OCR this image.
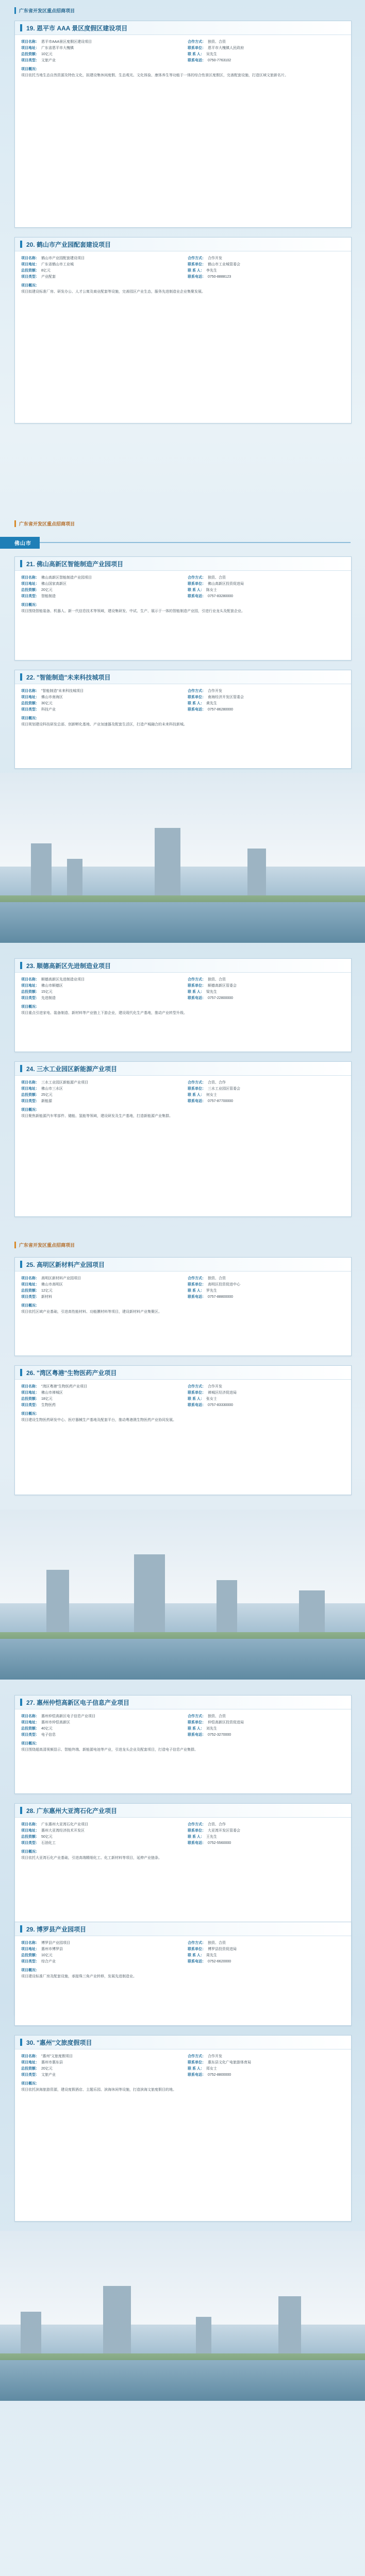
广东省开发区重点招商项目
广东省开发区重点招商项目
广东省开发区重点招商项目
佛山市
19. 恩平市 AAA 景区度假区建设项目
项目名称： 恩平市AAA景区度假区建设项目
项目地址： 广东省恩平市大槐镇
总投资额： 10亿元
项目类型： 文旅产业
合作方式： 独资、合资
联系单位： 恩平市大槐镇人民政府
联 系 人： 吴先生
联系电话： 0750-7763102
项目概况：
项目依托当地生态自然资源及特色文化，拟建设集休闲度假、生态观光、文化体验、康体养生等功能于一体的综合性景区度假区，完善配套设施，打造区域文旅新名片。
20. 鹤山市产业园配套建设项目
项目名称： 鹤山市产业园配套建设项目
项目地址： 广东省鹤山市工业城
总投资额： 8亿元
项目类型： 产业配套
合作方式： 合作开发
联系单位： 鹤山市工业城管委会
联 系 人： 李先生
联系电话： 0750-8888123
项目概况：
项目拟建设标准厂房、研发办公、人才公寓及商业配套等设施，完善园区产业生态，服务先进制造业企业集聚发展。
21. 佛山高新区智能制造产业园项目
项目名称： 佛山高新区智能制造产业园项目
项目地址： 佛山国家高新区
总投资额： 20亿元
项目类型： 智能制造
合作方式： 独资、合资
联系单位： 佛山高新区投资促进局
联 系 人： 陈女士
联系电话： 0757-83280000
项目概况：
项目围绕智能装备、机器人、新一代信息技术等领域，建设集研发、中试、生产、展示于一体的智能制造产业园，引进行业龙头及配套企业。
22. "智能制造"未来科技城项目
项目名称： "智能制造"未来科技城项目
项目地址： 佛山市南海区
总投资额： 30亿元
项目类型： 科技产业
合作方式： 合作开发
联系单位： 南海经济开发区管委会
联 系 人： 黄先生
联系电话： 0757-86280000
项目概况：
项目规划建设科技研发总部、创新孵化基地、产业加速器及配套生活区，打造产城融合的未来科技新城。
23. 顺德高新区先进制造业项目
项目名称： 顺德高新区先进制造业项目
项目地址： 佛山市顺德区
总投资额： 15亿元
项目类型： 先进制造
合作方式： 独资、合资
联系单位： 顺德高新区管委会
联 系 人： 梁先生
联系电话： 0757-22800000
项目概况：
项目重点引进家电、装备制造、新材料等产业链上下游企业，建设现代化生产基地，推动产业转型升级。
24. 三水工业园区新能源产业项目
项目名称： 三水工业园区新能源产业项目
项目地址： 佛山市三水区
总投资额： 25亿元
项目类型： 新能源
合作方式： 合资、合作
联系单位： 三水工业园区管委会
联 系 人： 何女士
联系电话： 0757-87700000
项目概况：
项目聚焦新能源汽车零部件、储能、氢能等领域，建设研发及生产基地，打造新能源产业集群。
25. 高明区新材料产业园项目
项目名称： 高明区新材料产业园项目
项目地址： 佛山市高明区
总投资额： 12亿元
项目类型： 新材料
合作方式： 独资、合资
联系单位： 高明区投资促进中心
联 系 人： 罗先生
联系电话： 0757-88800000
项目概况：
项目依托区域产业基础，引进高性能材料、功能膜材料等项目，建设新材料产业集聚区。
26. "湾区粤港"生物医药产业项目
项目名称： "湾区粤港"生物医药产业项目
项目地址： 佛山市禅城区
总投资额： 18亿元
项目类型： 生物医药
合作方式： 合作开发
联系单位： 禅城区经济促进局
联 系 人： 张女士
联系电话： 0757-83330000
项目概况：
项目建设生物医药研发中心、医疗器械生产基地及配套平台，推动粤港澳生物医药产业协同发展。
27. 惠州仲恺高新区电子信息产业项目
项目名称： 惠州仲恺高新区电子信息产业项目
项目地址： 惠州市仲恺高新区
总投资额： 40亿元
项目类型： 电子信息
合作方式： 独资、合资
联系单位： 仲恺高新区投资促进局
联 系 人： 刘先生
联系电话： 0752-3270000
项目概况：
项目围绕超高清视频显示、智能终端、新能源电池等产业，引进龙头企业及配套项目，打造电子信息产业集群。
28. 广东惠州大亚湾石化产业项目
项目名称： 广东惠州大亚湾石化产业项目
项目地址： 惠州大亚湾经济技术开发区
总投资额： 50亿元
项目类型： 石油化工
合作方式： 合资、合作
联系单位： 大亚湾开发区管委会
联 系 人： 王先生
联系电话： 0752-5560000
项目概况：
项目依托大亚湾石化产业基础，引进高端精细化工、化工新材料等项目，延伸产业链条。
29. 博罗县产业园项目
项目名称： 博罗县产业园项目
项目地址： 惠州市博罗县
总投资额： 10亿元
项目类型： 综合产业
合作方式： 独资、合资
联系单位： 博罗县投资促进局
联 系 人： 周先生
联系电话： 0752-6620000
项目概况：
项目建设标准厂房及配套设施，承接珠三角产业转移，发展先进制造业。
30. "惠州"文旅度假项目
项目名称： "惠州"文旅度假项目
项目地址： 惠州市惠东县
总投资额： 20亿元
项目类型： 文旅产业
合作方式： 合作开发
联系单位： 惠东县文化广电旅游体育局
联 系 人： 郑女士
联系电话： 0752-8800000
项目概况：
项目依托滨海旅游资源，建设度假酒店、主题乐园、滨海休闲等设施，打造滨海文旅度假目的地。
